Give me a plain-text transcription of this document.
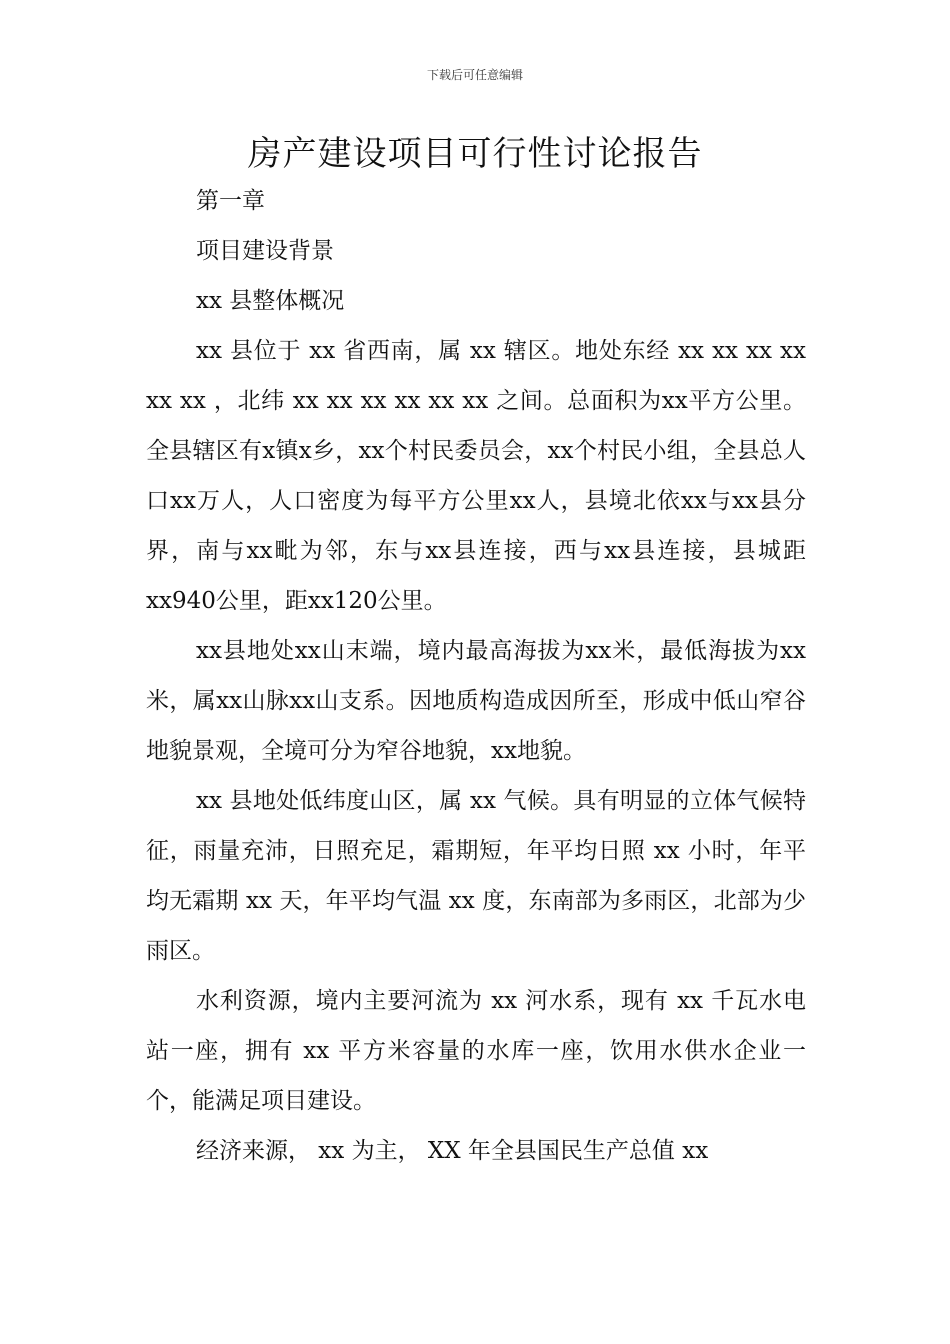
下载后可任意编辑
房产建设项目可行性讨论报告

第一章

项目建设背景

xx 县整体概况

xx 县位于 xx 省西南，属 xx 辖区。地处东经 xx xx xx xx xx xx ，北纬 xx xx xx xx xx xx 之间。总面积为xx平方公里。全县辖区有x镇x乡，xx个村民委员会，xx个村民小组，全县总人口xx万人，人口密度为每平方公里xx人，县境北依xx与xx县分界，南与xx毗为邻，东与xx县连接，西与xx县连接，县城距xx940公里，距xx120公里。

xx县地处xx山末端，境内最高海拔为xx米，最低海拔为xx米，属xx山脉xx山支系。因地质构造成因所至，形成中低山窄谷地貌景观，全境可分为窄谷地貌，xx地貌。

xx 县地处低纬度山区，属 xx 气候。具有明显的立体气候特征，雨量充沛，日照充足，霜期短，年平均日照 xx 小时，年平均无霜期 xx 天，年平均气温 xx 度，东南部为多雨区，北部为少雨区。

水利资源，境内主要河流为 xx 河水系，现有 xx 千瓦水电站一座，拥有 xx 平方米容量的水库一座，饮用水供水企业一个，能满足项目建设。

经济来源， xx 为主， XX 年全县国民生产总值 xx
